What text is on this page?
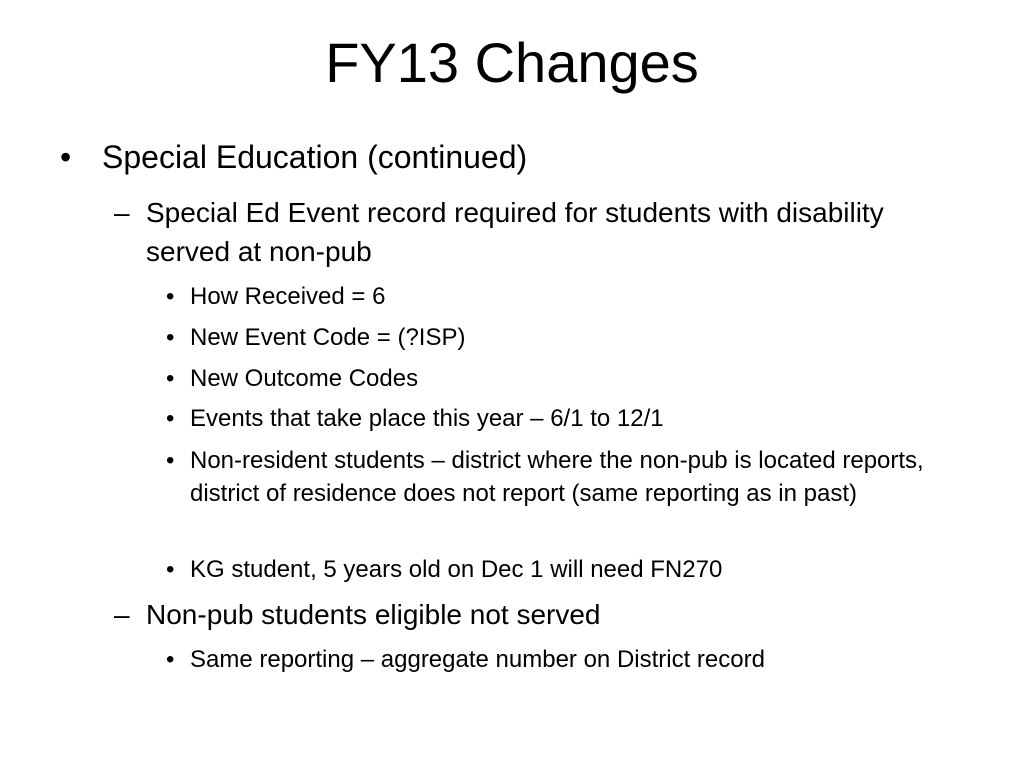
FY13 Changes
• Special Education (continued)
– Special Ed Event record required for students with disability served at non-pub
• How Received = 6
• New Event Code = (?ISP)
• New Outcome Codes
• Events that take place this year – 6/1 to 12/1
• Non-resident students – district where the non-pub is located reports, district of residence does not report (same reporting as in past)
• KG student, 5 years old on Dec 1 will need FN270
– Non-pub students eligible not served
• Same reporting – aggregate number on District record
